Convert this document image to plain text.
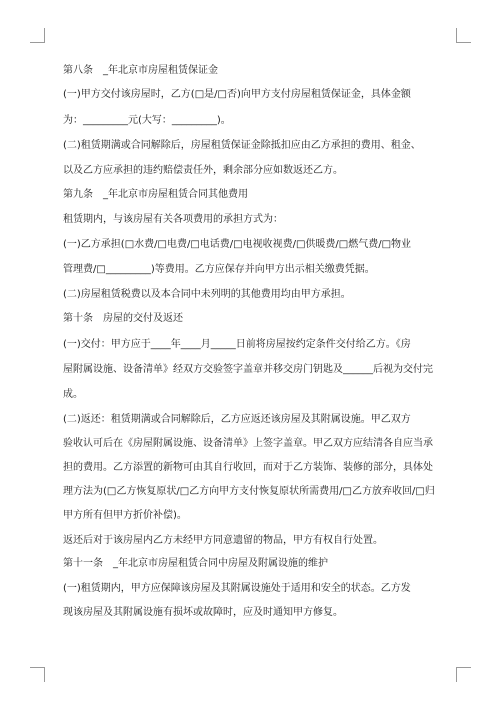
第八条　_年北京市房屋租赁保证金

(一)甲方交付该房屋时，乙方(□是/□否)向甲方支付房屋租赁保证金，具体金额

为：_________元(大写：_________)。

(二)租赁期满或合同解除后，房屋租赁保证金除抵扣应由乙方承担的费用、租金、

以及乙方应承担的违约赔偿责任外，剩余部分应如数返还乙方。

第九条　_年北京市房屋租赁合同其他费用

租赁期内，与该房屋有关各项费用的承担方式为：

(一)乙方承担(□水费/□电费/□电话费/□电视收视费/□供暖费/□燃气费/□物业

管理费/□_________)等费用。乙方应保存并向甲方出示相关缴费凭据。

(二)房屋租赁税费以及本合同中未列明的其他费用均由甲方承担。

第十条　房屋的交付及返还

(一)交付：甲方应于____年____月_____日前将房屋按约定条件交付给乙方。《房

屋附属设施、设备清单》经双方交验签字盖章并移交房门钥匙及______后视为交付完

成。

(二)返还：租赁期满或合同解除后，乙方应返还该房屋及其附属设施。甲乙双方

验收认可后在《房屋附属设施、设备清单》上签字盖章。甲乙双方应结清各自应当承

担的费用。乙方添置的新物可由其自行收回，而对于乙方装饰、装修的部分，具体处

理方法为(□乙方恢复原状/□乙方向甲方支付恢复原状所需费用/□乙方放弃收回/□归

甲方所有但甲方折价补偿)。

返还后对于该房屋内乙方未经甲方同意遗留的物品，甲方有权自行处置。

第十一条　_年北京市房屋租赁合同中房屋及附属设施的维护

(一)租赁期内，甲方应保障该房屋及其附属设施处于适用和安全的状态。乙方发

现该房屋及其附属设施有损坏或故障时，应及时通知甲方修复。
